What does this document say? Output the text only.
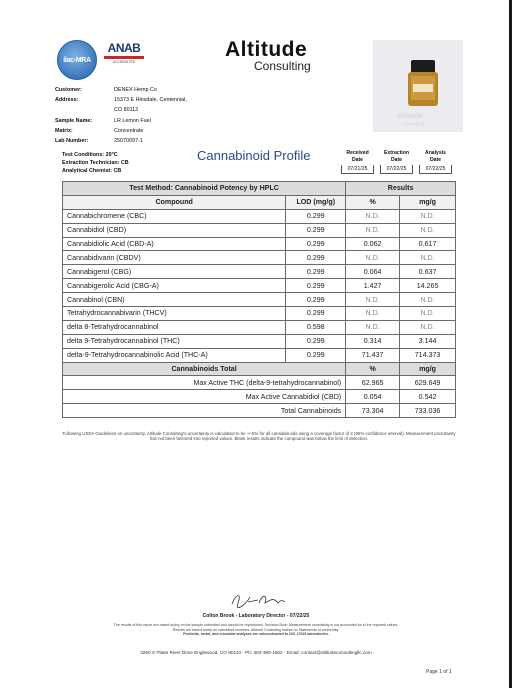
ilac-MRA
ANAB
ACCREDITED
Altitude
Consulting
Altitude
Consulting
Customer:	DENEX Hemp Co
Address:	15373 E Hinsdale, Centennial,
CO 80112
Sample Name:	LR Lemon Fuel
Matrix:	Concentrate
Lab Number:	25070097-1
Test Conditions: 20°C
Extraction Technician: CB
Analytical Chemist: CB
Cannabinoid Profile	Received
Date
07/21/25
Extraction
Date
07/22/25
Analysis
Date
07/22/25
Test Method: Cannabinoid Potency by HPLC		Results	
Compound	LOD (mg/g)	%	mg/g
Cannabichromene (CBC)	0.299	N.D.	N.D.
Cannabidiol (CBD)	0.299	N.D.	N.D.
Cannabidiolic Acid (CBD-A)	0.299	0.062	0.617
Cannabidivarin (CBDV)	0.299	N.D.	N.D.
Cannabigerol (CBG)	0.299	0.064	0.637
Cannabigerolic Acid (CBG-A)	0.299	1.427	14.265
Cannabinol (CBN)	0.299	N.D.	N.D.
Tetrahydrocannabivarin (THCV)	0.299	N.D.	N.D.
delta 8-Tetrahydrocannabinol	0.598	N.D.	N.D.
delta 9-Tetrahydrocannabinol (THC)	0.299	0.314	3.144
delta-9-Tetrahydrocannabinolic Acid (THC-A)	0.299	71.437	714.373
Cannabinoids Total		%	mg/g
Max Active THC (delta-9-tetrahydrocannabinol)		62.965	629.649
Max Active Cannabidiol (CBD)		0.054	0.542
Total Cannabinoids		73.304	733.036
Following USDA Guidelines on uncertainty, Altitude Consulting's uncertainty is calculated to be +/-5% for all cannabinoids using a coverage factor of 2 (95% confidence interval). Measurement uncertainty has not been factored into reported values. Blank results indicate the compound was below the limit of detection.
Colton Brook - Laboratory Director - 07/22/25
The results of this report are based solely on the sample submitted and cannot be reproduced. Decision Rule: Measurement uncertainty is not accounted for in the reported values.
Results are based solely on calculated numbers. Altitude Consulting makes no Statements of conformity.
Pesticide, metal, and microbial analyses are subcontracted to ISO 17025 laboratories.
3260 S Platte River Drive Englewood, CO 80110 - Ph: 303-390-1662 - Email: contact@altitudeconsultingllc.com
Page 1 of 1
